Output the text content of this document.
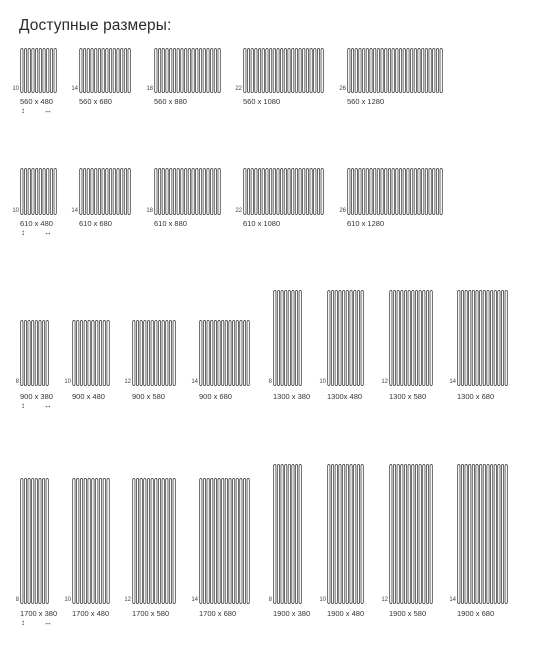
Доступные размеры:
10
560 x 480
14
560 x 680
18
560 x 880
22
560 x 1080
26
560 x 1280
↕ ↔
10
610 x 480
14
610 x 680
18
610 x 880
22
610 x 1080
26
610 x 1280
↕ ↔
8
900 x 380
10
900 x 480
12
900 x 580
14
900 x 680
8
1300 x 380
10
1300x 480
12
1300 x 580
14
1300 x 680
↕ ↔
8
1700 x 380
10
1700 x 480
12
1700 x 580
14
1700 x 680
8
1900 x 380
10
1900 x 480
12
1900 x 580
14
1900 x 680
↕ ↔
